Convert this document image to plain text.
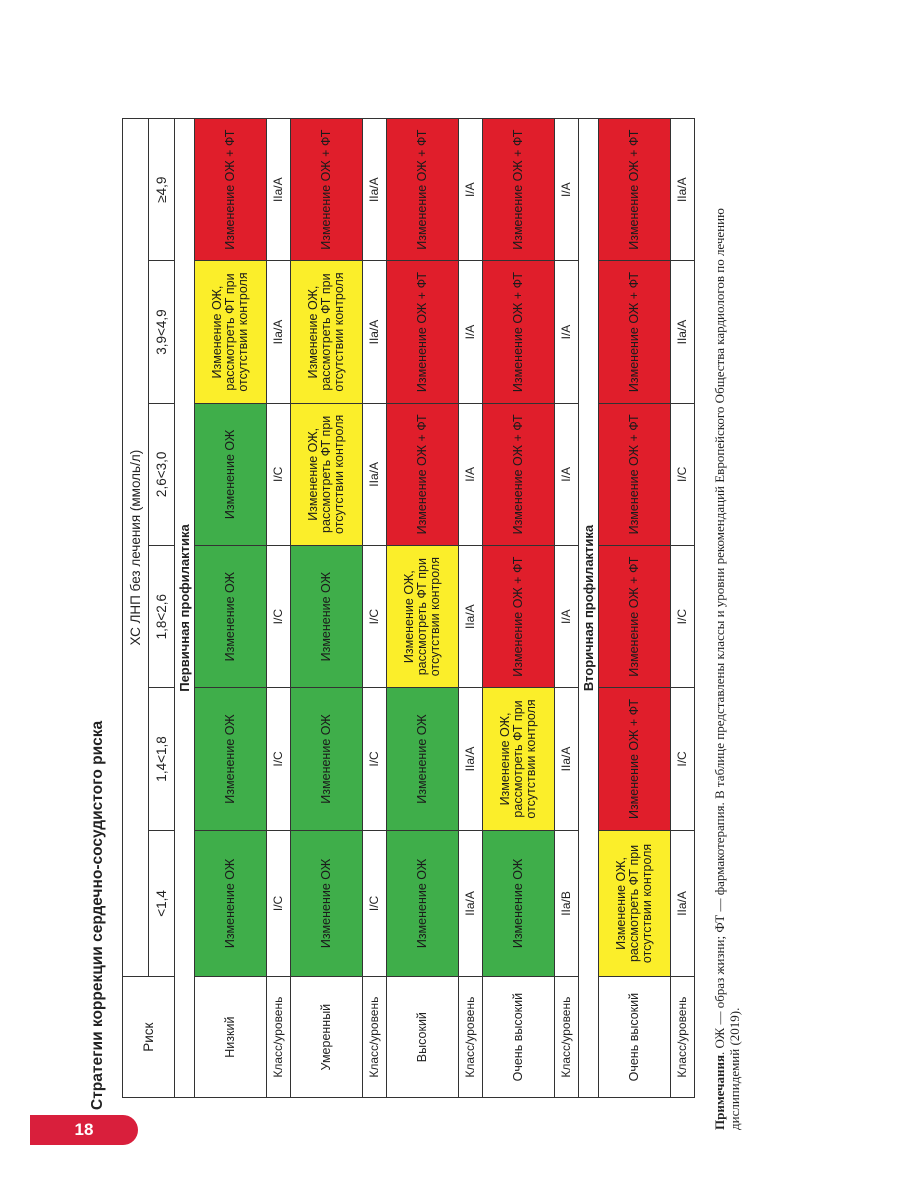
18
Стратегии коррекции сердечно-сосудистого риска	Риск	ХС ЛНП без лечения (ммоль/л)					
	<1,4	1,4<1,8	1,8<2,6	2,6<3,0	3,9<4,9	≥4,9
Первичная профилактика						
Низкий	Изменение ОЖ	Изменение ОЖ	Изменение ОЖ	Изменение ОЖ	Изменение ОЖ, рассмотреть ФТ при отсутствии контроля	Изменение ОЖ + ФТ
Класс/уровень	I/C	I/C	I/C	I/C	IIa/A	IIa/A
Умеренный	Изменение ОЖ	Изменение ОЖ	Изменение ОЖ	Изменение ОЖ, рассмотреть ФТ при отсутствии контроля	Изменение ОЖ, рассмотреть ФТ при отсутствии контроля	Изменение ОЖ + ФТ
Класс/уровень	I/C	I/C	I/C	IIa/A	IIa/A	IIa/A
Высокий	Изменение ОЖ	Изменение ОЖ	Изменение ОЖ, рассмотреть ФТ при отсутствии контроля	Изменение ОЖ + ФТ	Изменение ОЖ + ФТ	Изменение ОЖ + ФТ
Класс/уровень	IIa/A	IIa/A	IIa/A	I/A	I/A	I/A
Очень высокий	Изменение ОЖ	Изменение ОЖ, рассмотреть ФТ при отсутствии контроля	Изменение ОЖ + ФТ	Изменение ОЖ + ФТ	Изменение ОЖ + ФТ	Изменение ОЖ + ФТ
Класс/уровень	IIa/B	IIa/A	I/A	I/A	I/A	I/A
Вторичная профилактика						
Очень высокий	Изменение ОЖ, рассмотреть ФТ при отсутствии контроля	Изменение ОЖ + ФТ	Изменение ОЖ + ФТ	Изменение ОЖ + ФТ	Изменение ОЖ + ФТ	Изменение ОЖ + ФТ
Класс/уровень	IIa/A	I/C	I/C	I/C	IIa/A	IIa/A
Примечания. ОЖ — образ жизни; ФТ — фармакотерапия. В таблице представлены классы и уровни рекомендаций Европейского Общества кардиологов по лечению дислипидемий (2019).
